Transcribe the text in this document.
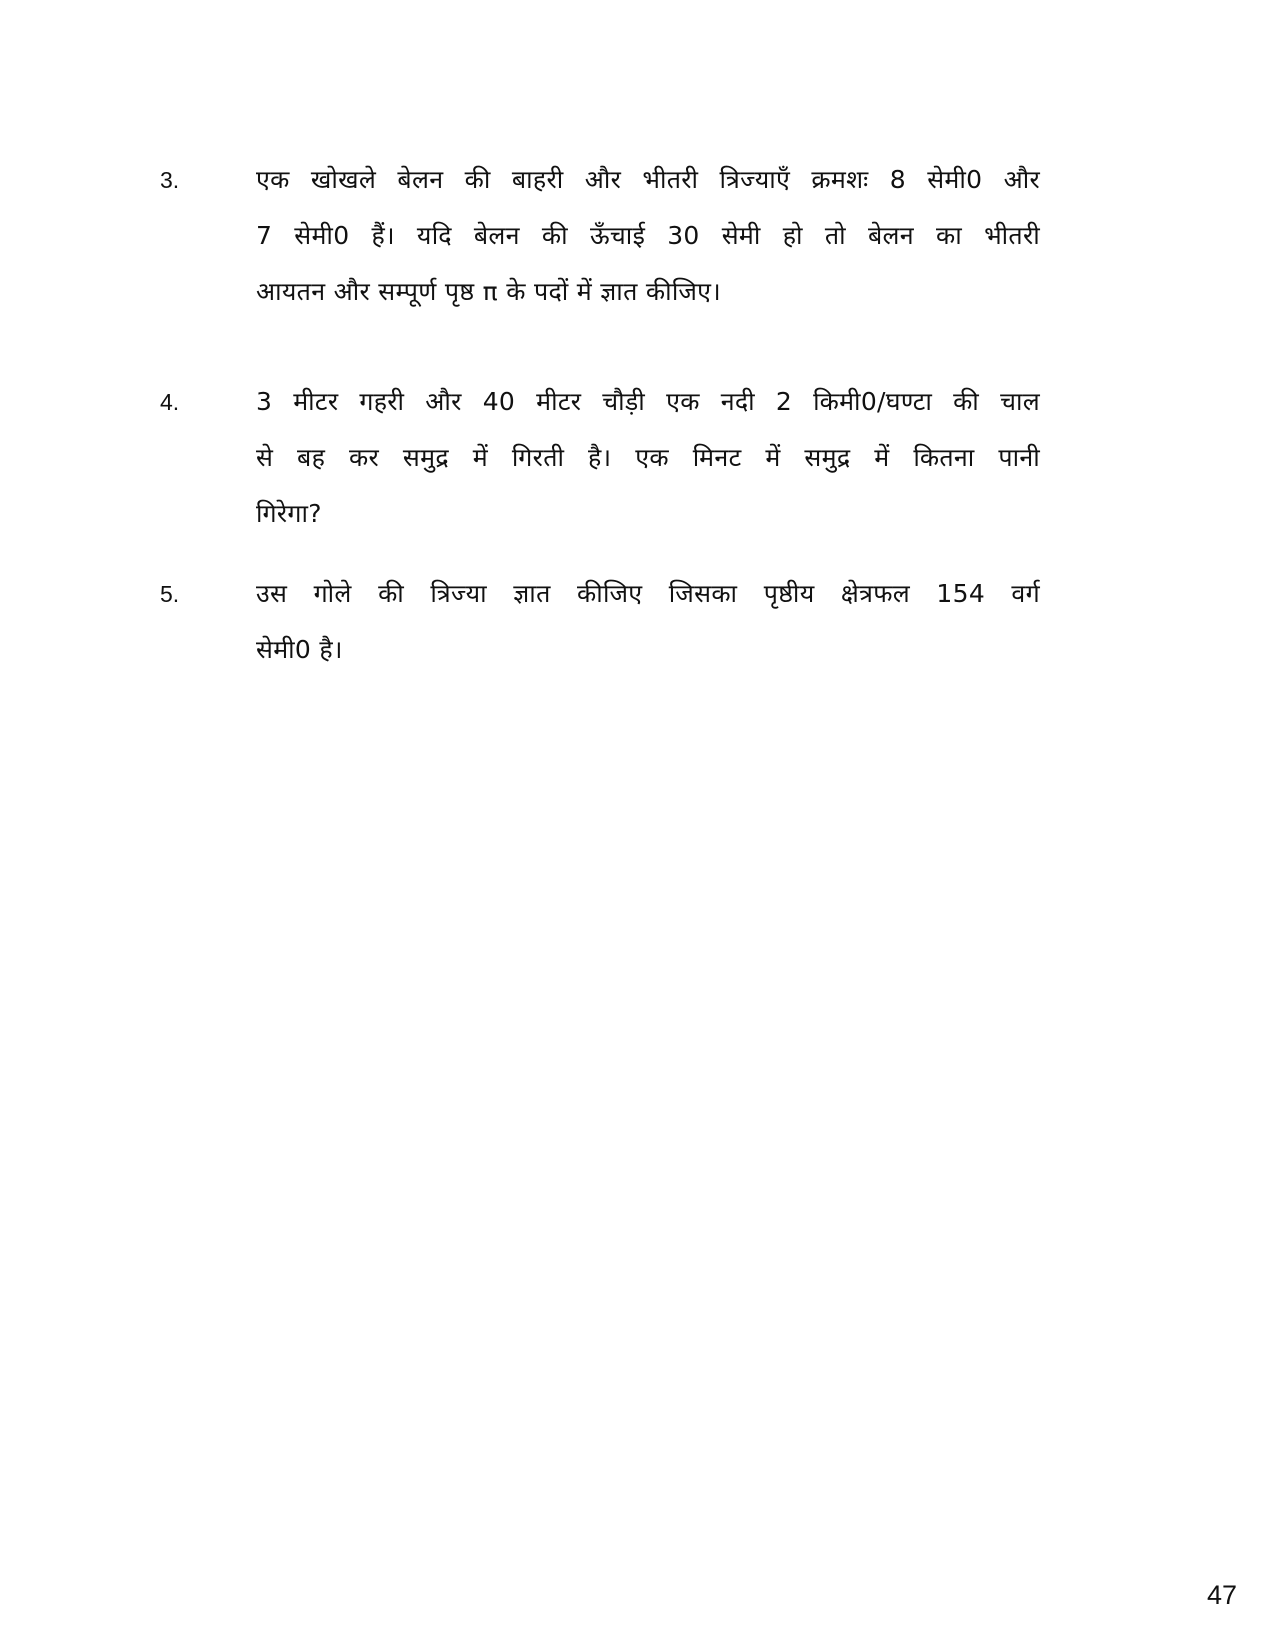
3.	एक खोखले बेलन की बाहरी और भीतरी त्रिज्याएँ क्रमशः 8 सेमी0 और
7 सेमी0 हैं। यदि बेलन की ऊँचाई 30 सेमी हो तो बेलन का भीतरी
आयतन और सम्पूर्ण पृष्ठ π के पदों में ज्ञात कीजिए।
4.	3 मीटर गहरी और 40 मीटर चौड़ी एक नदी 2 किमी0/घण्टा की चाल
से बह कर समुद्र में गिरती है। एक मिनट में समुद्र में कितना पानी
गिरेगा?
5.	उस गोले की त्रिज्या ज्ञात कीजिए जिसका पृष्ठीय क्षेत्रफल 154 वर्ग
सेमी0 है।
47
